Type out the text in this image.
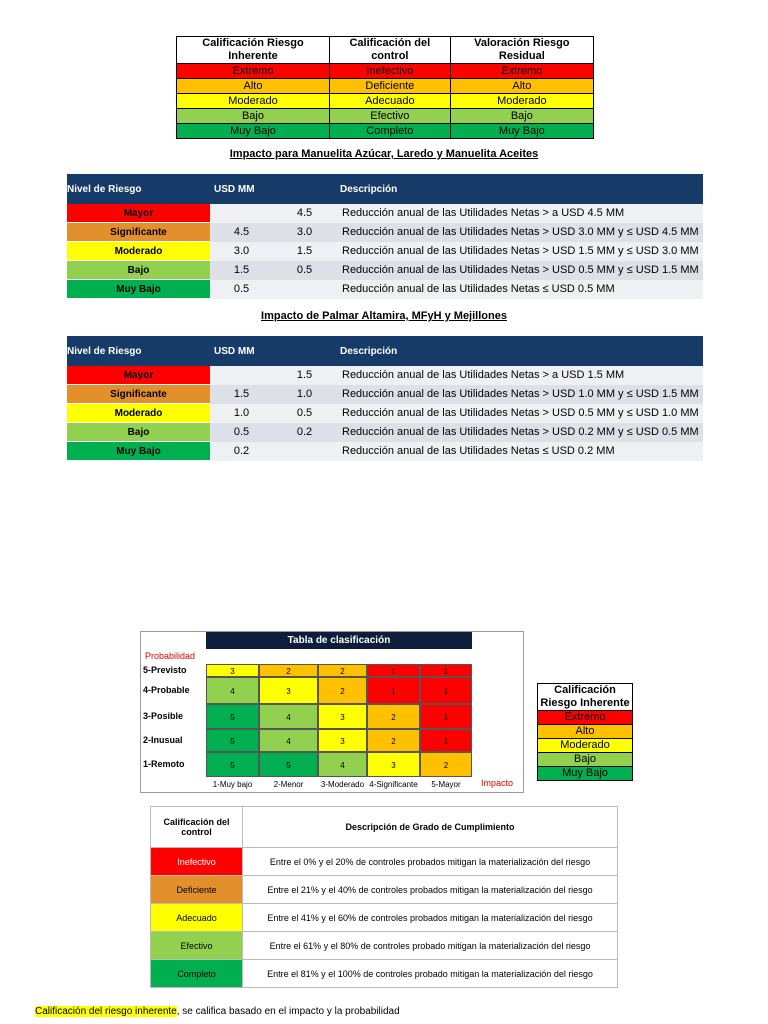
Calificación Riesgo Inherente	Calificación del control	Valoración Riesgo Residual
Extremo	Inefectivo	Extremo
Alto	Deficiente	Alto
Moderado	Adecuado	Moderado
Bajo	Efectivo	Bajo
Muy Bajo	Completo	Muy Bajo
Impacto para Manuelita Azúcar, Laredo y Manuelita Aceites
Nivel de Riesgo	USD MM		Descripción
Mayor		4.5	Reducción anual de las Utilidades Netas > a USD 4.5 MM
Significante	4.5	3.0	Reducción anual de las Utilidades Netas > USD 3.0 MM y ≤ USD 4.5 MM
Moderado	3.0	1.5	Reducción anual de las Utilidades Netas > USD 1.5 MM y ≤ USD 3.0 MM
Bajo	1.5	0.5	Reducción anual de las Utilidades Netas > USD 0.5 MM y ≤ USD 1.5 MM
Muy Bajo	0.5		Reducción anual de las Utilidades Netas ≤ USD 0.5 MM
Impacto de Palmar Altamira, MFyH y Mejillones
Nivel de Riesgo	USD MM		Descripción
Mayor		1.5	Reducción anual de las Utilidades Netas > a USD 1.5 MM
Significante	1.5	1.0	Reducción anual de las Utilidades Netas > USD 1.0 MM y ≤ USD 1.5 MM
Moderado	1.0	0.5	Reducción anual de las Utilidades Netas > USD 0.5 MM y ≤ USD 1.0 MM
Bajo	0.5	0.2	Reducción anual de las Utilidades Netas > USD 0.2 MM y ≤ USD 0.5 MM
Muy Bajo	0.2		Reducción anual de las Utilidades Netas ≤ USD 0.2 MM
Tabla de clasificación
Probabilidad
Impacto
5-Previsto	3	2	2	1	1
4-Probable	4	3	2	1	1
3-Posible	5	4	3	2	1
2-Inusual	5	4	3	2	1
1-Remoto	5	5	4	3	2
1-Muy bajo	2-Menor	3-Moderado 4-Significante	5-Mayor
Calificación Riesgo Inherente
Extremo
Alto
Moderado
Bajo
Muy Bajo
Calificación del control	Descripción de Grado de Cumplimiento
Inefectivo	Entre el 0% y el 20% de controles probados mitigan la materialización del riesgo
Deficiente	Entre el 21% y el 40% de controles probados mitigan la materialización del riesgo
Adecuado	Entre el 41% y el 60% de controles probados mitigan la materialización del riesgo
Efectivo	Entre el 61% y el 80% de controles probado mitigan la materialización del riesgo
Completo	Entre el 81% y el 100% de controles probado mitigan la materialización del riesgo
Calificación del riesgo inherente, se califica basado en el impacto y la probabilidad
